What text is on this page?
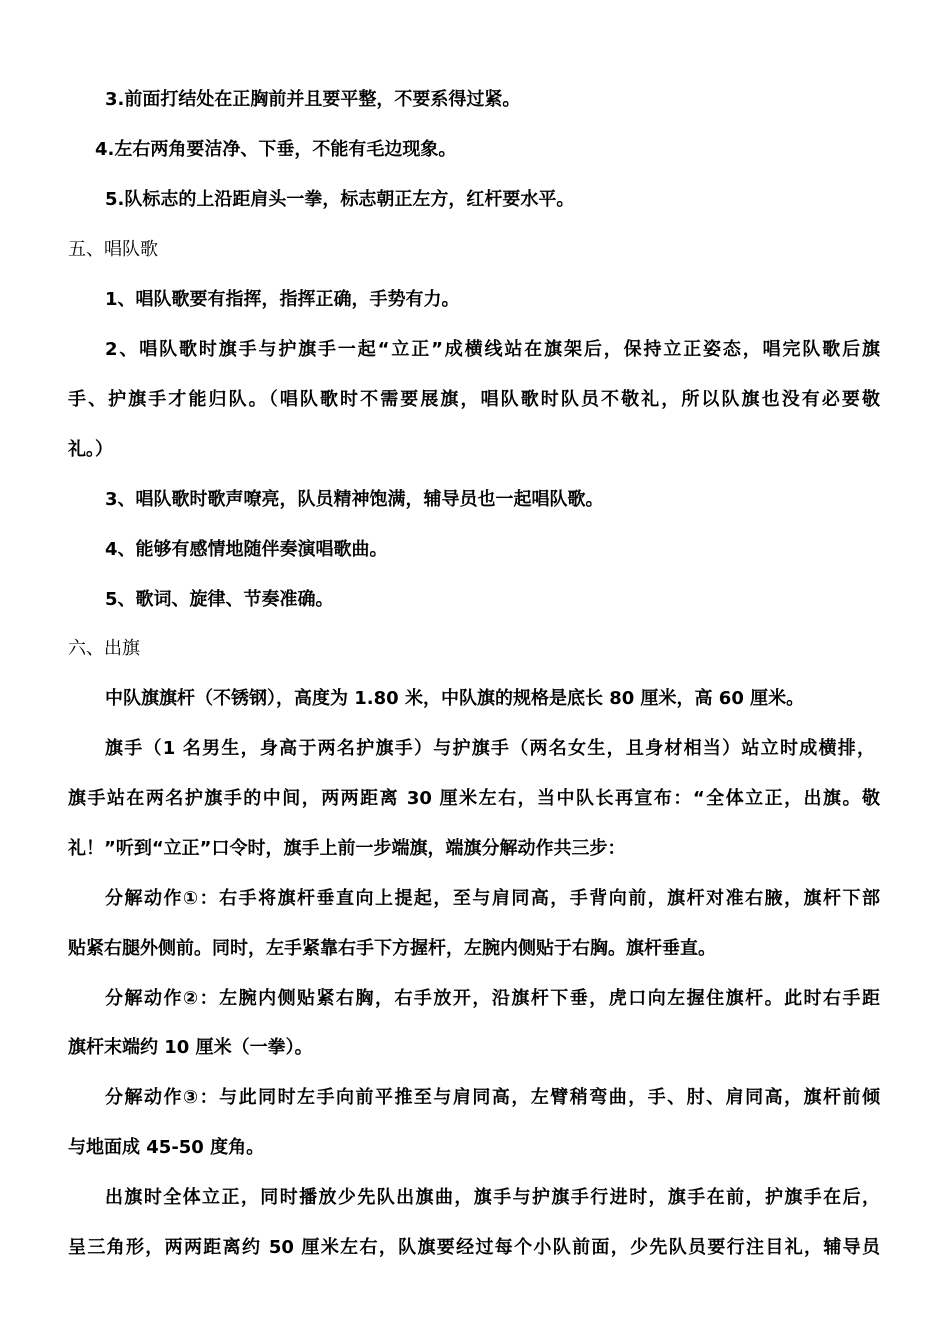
3.前面打结处在正胸前并且要平整，不要系得过紧。
4.左右两角要洁净、下垂，不能有毛边现象。
5.队标志的上沿距肩头一拳，标志朝正左方，红杆要水平。
五、唱队歌
1、唱队歌要有指挥，指挥正确，手势有力。
2、唱队歌时旗手与护旗手一起“立正”成横线站在旗架后，保持立正姿态，唱完队歌后旗
手、护旗手才能归队。（唱队歌时不需要展旗，唱队歌时队员不敬礼，所以队旗也没有必要敬
礼。）
3、唱队歌时歌声嘹亮，队员精神饱满，辅导员也一起唱队歌。
4、能够有感情地随伴奏演唱歌曲。
5、歌词、旋律、节奏准确。
六、出旗
中队旗旗杆（不锈钢），高度为 1.80 米，中队旗的规格是底长 80 厘米，高 60 厘米。
旗手（1 名男生，身高于两名护旗手）与护旗手（两名女生，且身材相当）站立时成横排，
旗手站在两名护旗手的中间，两两距离 30 厘米左右，当中队长再宣布：“全体立正，出旗。敬
礼！”听到“立正”口令时，旗手上前一步端旗，端旗分解动作共三步：
分解动作①：右手将旗杆垂直向上提起，至与肩同高，手背向前，旗杆对准右腋，旗杆下部
贴紧右腿外侧前。同时，左手紧靠右手下方握杆，左腕内侧贴于右胸。旗杆垂直。
分解动作②：左腕内侧贴紧右胸，右手放开，沿旗杆下垂，虎口向左握住旗杆。此时右手距
旗杆末端约 10 厘米（一拳）。
分解动作③：与此同时左手向前平推至与肩同高，左臂稍弯曲，手、肘、肩同高，旗杆前倾
与地面成 45-50 度角。
出旗时全体立正，同时播放少先队出旗曲，旗手与护旗手行进时，旗手在前，护旗手在后，
呈三角形，两两距离约 50 厘米左右，队旗要经过每个小队前面，少先队员要行注目礼，辅导员
